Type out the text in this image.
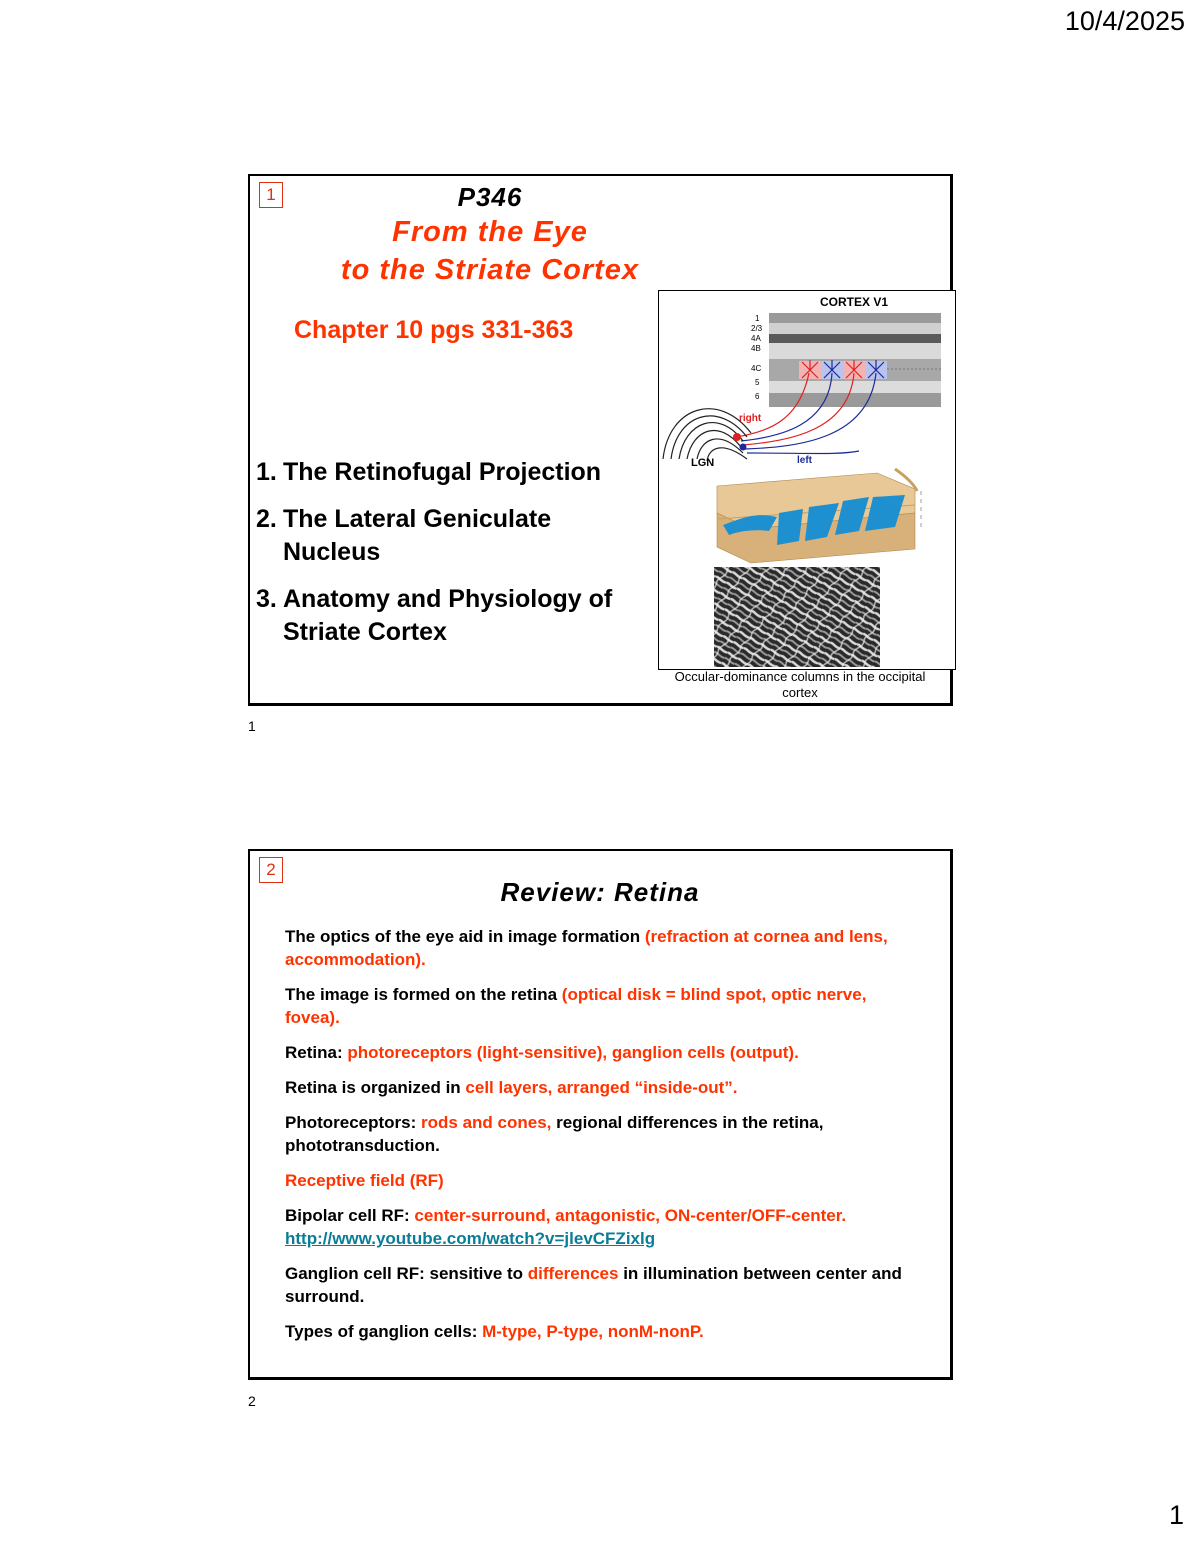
10/4/2025
1	P346
From the Eye
to the Striate Cortex
Chapter 10 pgs 331-363
1. The Retinofugal Projection
2. The Lateral Geniculate
Nucleus
3. Anatomy and Physiology of
Striate Cortex
CORTEX V1
1
2/3
4A
4B
4C
5
6
right
left
LGN
Occular-dominance columns in the occipital cortex
1
2
Review: Retina

The optics of the eye aid in image formation (refraction at cornea and lens, accommodation).

The image is formed on the retina (optical disk = blind spot, optic nerve, fovea).

Retina: photoreceptors (light-sensitive), ganglion cells (output).

Retina is organized in cell layers, arranged “inside-out”.

Photoreceptors: rods and cones, regional differences in the retina, phototransduction.

Receptive field (RF)

Bipolar cell RF: center-surround, antagonistic, ON-center/OFF-center. http://www.youtube.com/watch?v=jlevCFZixlg

Ganglion cell RF: sensitive to differences in illumination between center and surround.

Types of ganglion cells: M-type, P-type, nonM-nonP.

2
1
